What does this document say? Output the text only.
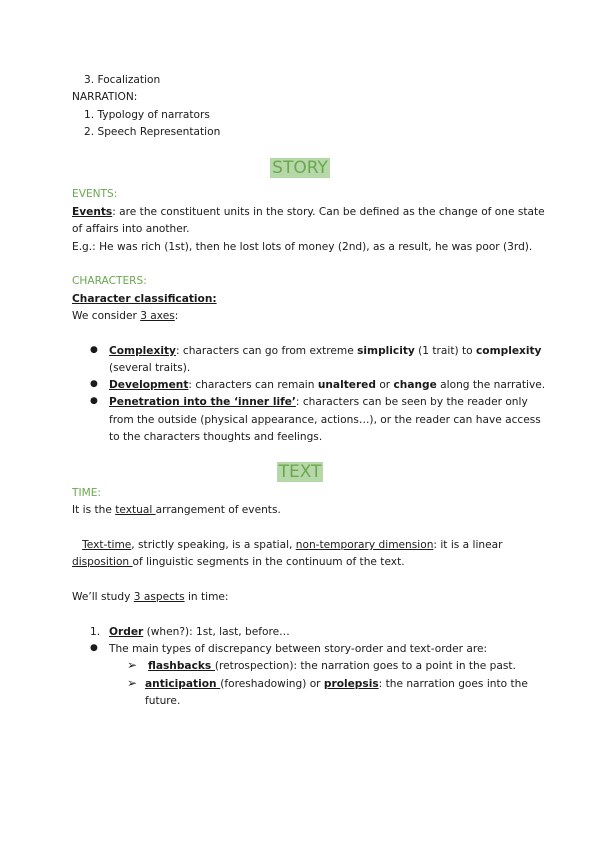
3. Focalization
NARRATION:
1. Typology of narrators
2. Speech Representation
STORY
EVENTS:
Events: are the constituent units in the story. Can be defined as the change of one state
of affairs into another.
E.g.: He was rich (1st), then he lost lots of money (2nd), as a result, he was poor (3rd).
CHARACTERS:
Character classification:
We consider 3 axes:
● Complexity: characters can go from extreme simplicity (1 trait) to complexity
(several traits).
● Development: characters can remain unaltered or change along the narrative.
● Penetration into the ‘inner life’: characters can be seen by the reader only
from the outside (physical appearance, actions…), or the reader can have access
to the characters thoughts and feelings.
TEXT
TIME:
It is the textual arrangement of events.
Text-time, strictly speaking, is a spatial, non-temporary dimension: it is a linear
disposition of linguistic segments in the continuum of the text.
We’ll study 3 aspects in time:
1. Order (when?): 1st, last, before…
● The main types of discrepancy between story-order and text-order are:
➢ flashbacks (retrospection): the narration goes to a point in the past.
➢ anticipation (foreshadowing) or prolepsis: the narration goes into the
future.
